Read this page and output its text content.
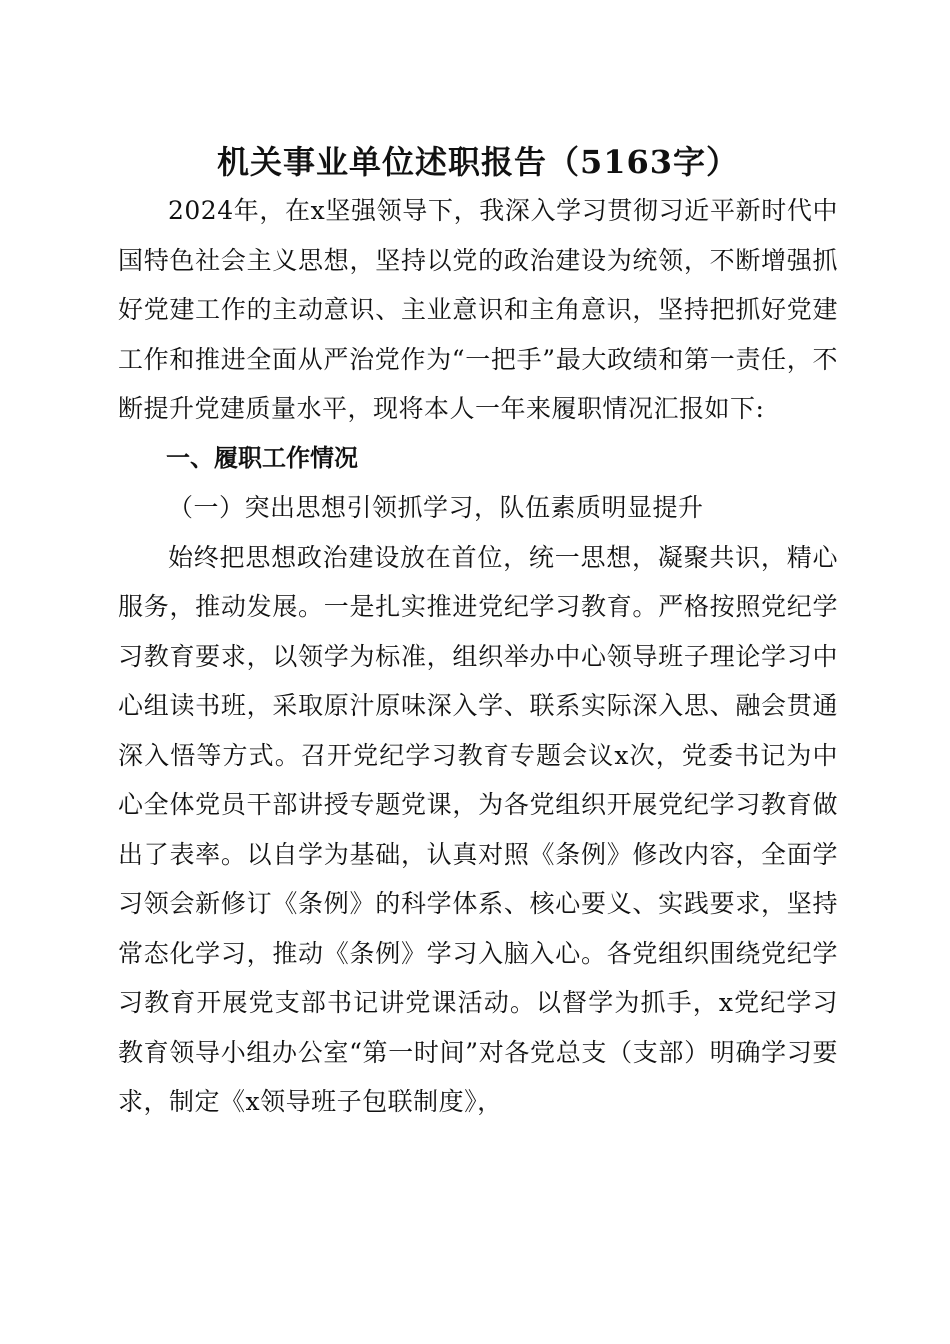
机关事业单位述职报告（5163字）

2024年，在x坚强领导下，我深入学习贯彻习近平新时代中国特色社会主义思想，坚持以党的政治建设为统领，不断增强抓好党建工作的主动意识、主业意识和主角意识，坚持把抓好党建工作和推进全面从严治党作为“一把手”最大政绩和第一责任，不断提升党建质量水平，现将本人一年来履职情况汇报如下:

一、履职工作情况

（一）突出思想引领抓学习，队伍素质明显提升

始终把思想政治建设放在首位，统一思想，凝聚共识，精心服务，推动发展。一是扎实推进党纪学习教育。严格按照党纪学习教育要求，以领学为标准，组织举办中心领导班子理论学习中心组读书班，采取原汁原味深入学、联系实际深入思、融会贯通深入悟等方式。召开党纪学习教育专题会议x次，党委书记为中心全体党员干部讲授专题党课，为各党组织开展党纪学习教育做出了表率。以自学为基础，认真对照《条例》修改内容，全面学习领会新修订《条例》的科学体系、核心要义、实践要求，坚持常态化学习，推动《条例》学习入脑入心。各党组织围绕党纪学习教育开展党支部书记讲党课活动。以督学为抓手，x党纪学习教育领导小组办公室“第一时间”对各党总支（支部）明确学习要求，制定《x领导班子包联制度》，
